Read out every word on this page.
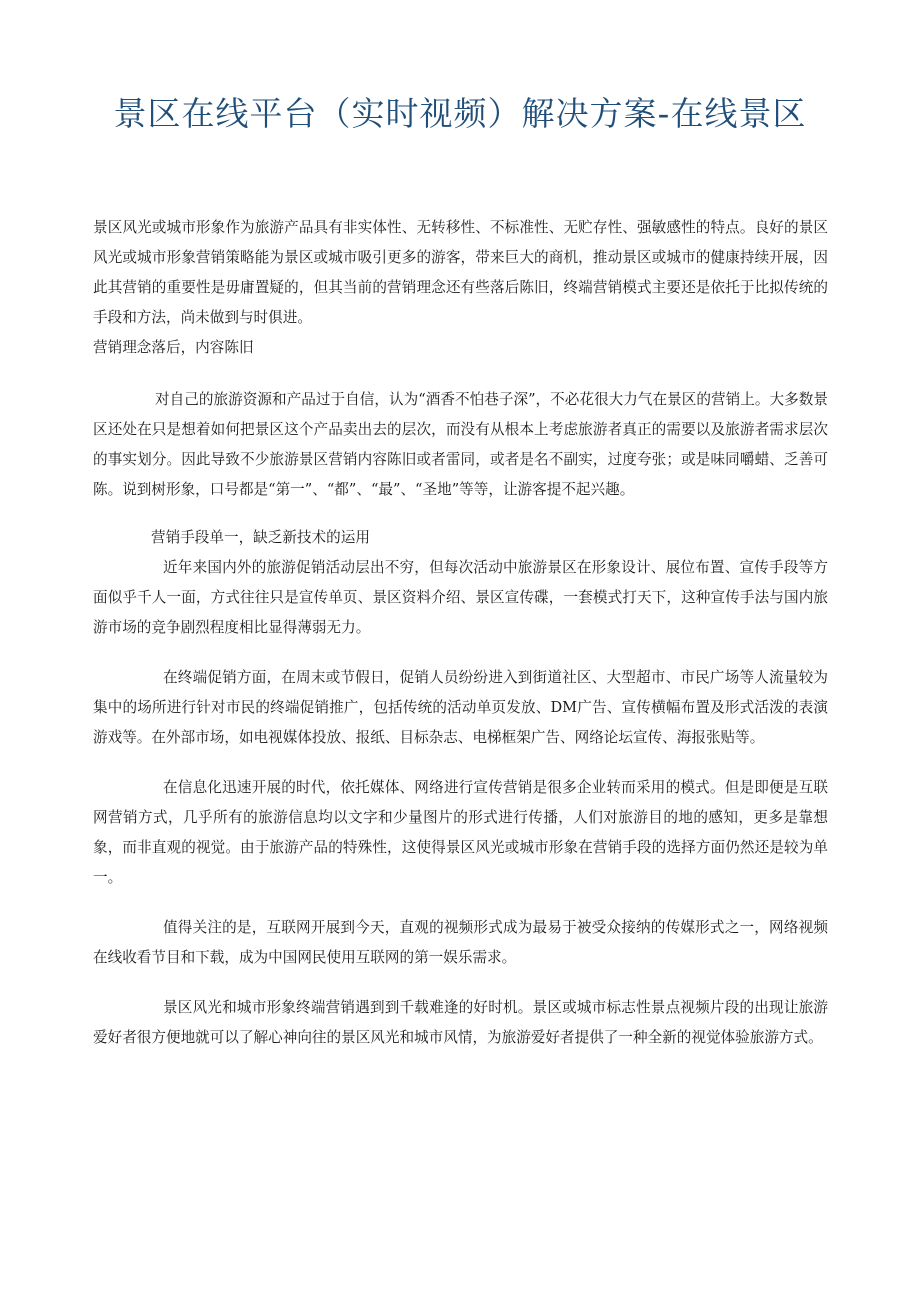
景区在线平台（实时视频）解决方案-在线景区

景区风光或城市形象作为旅游产品具有非实体性、无转移性、不标准性、无贮存性、强敏感性的特点。良好的景区风光或城市形象营销策略能为景区或城市吸引更多的游客，带来巨大的商机，推动景区或城市的健康持续开展，因此其营销的重要性是毋庸置疑的，但其当前的营销理念还有些落后陈旧，终端营销模式主要还是依托于比拟传统的手段和方法，尚未做到与时俱进。

营销理念落后，内容陈旧

对自己的旅游资源和产品过于自信，认为“酒香不怕巷子深”，不必花很大力气在景区的营销上。大多数景区还处在只是想着如何把景区这个产品卖出去的层次，而没有从根本上考虑旅游者真正的需要以及旅游者需求层次的事实划分。因此导致不少旅游景区营销内容陈旧或者雷同，或者是名不副实，过度夸张；或是味同嚼蜡、乏善可陈。说到树形象，口号都是“第一”、“都”、“最”、“圣地”等等，让游客提不起兴趣。

营销手段单一，缺乏新技术的运用

近年来国内外的旅游促销活动层出不穷，但每次活动中旅游景区在形象设计、展位布置、宣传手段等方面似乎千人一面，方式往往只是宣传单页、景区资料介绍、景区宣传碟，一套模式打天下，这种宣传手法与国内旅游市场的竞争剧烈程度相比显得薄弱无力。

在终端促销方面，在周末或节假日，促销人员纷纷进入到街道社区、大型超市、市民广场等人流量较为集中的场所进行针对市民的终端促销推广，包括传统的活动单页发放、DM广告、宣传横幅布置及形式活泼的表演游戏等。在外部市场，如电视媒体投放、报纸、目标杂志、电梯框架广告、网络论坛宣传、海报张贴等。

在信息化迅速开展的时代，依托媒体、网络进行宣传营销是很多企业转而采用的模式。但是即便是互联网营销方式，几乎所有的旅游信息均以文字和少量图片的形式进行传播，人们对旅游目的地的感知，更多是靠想象，而非直观的视觉。由于旅游产品的特殊性，这使得景区风光或城市形象在营销手段的选择方面仍然还是较为单一。

值得关注的是，互联网开展到今天，直观的视频形式成为最易于被受众接纳的传媒形式之一，网络视频在线收看节目和下载，成为中国网民使用互联网的第一娱乐需求。

景区风光和城市形象终端营销遇到到千载难逢的好时机。景区或城市标志性景点视频片段的出现让旅游爱好者很方便地就可以了解心神向往的景区风光和城市风情，为旅游爱好者提供了一种全新的视觉体验旅游方式。
